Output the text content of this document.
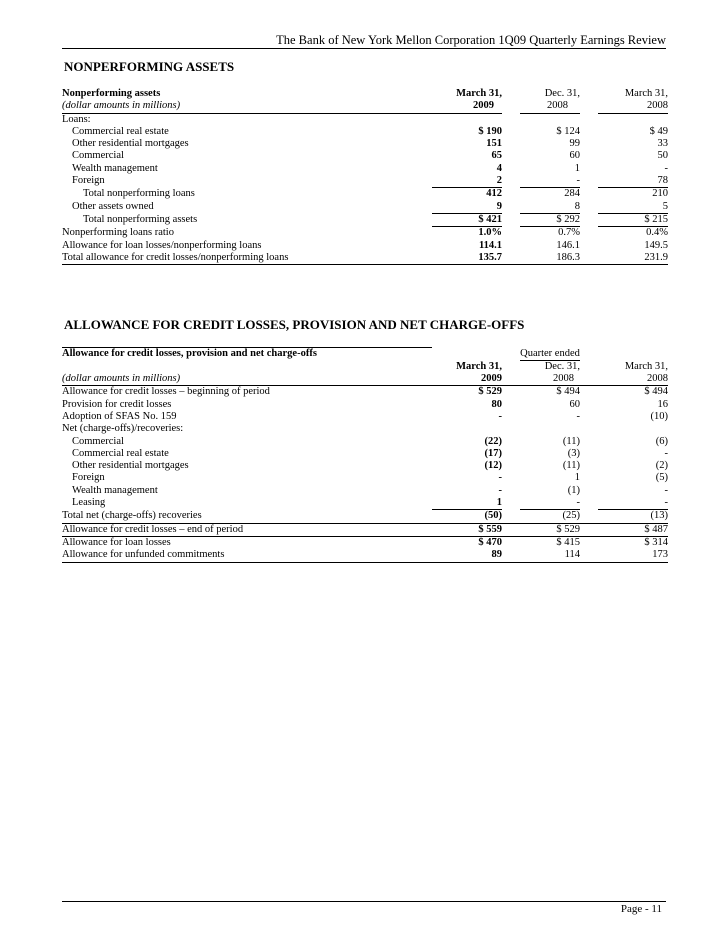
The Bank of New York Mellon Corporation 1Q09 Quarterly Earnings Review
NONPERFORMING ASSETS
Nonperforming assets	March 31,		Dec. 31,		March 31,
(dollar amounts in millions)	2009		2008		2008
Loans:					
Commercial real estate	$ 190		$ 124		$ 49
Other residential mortgages	151		99		33
Commercial	65		60		50
Wealth management	4		1		-
Foreign	2		-		78
Total nonperforming loans	412		284		210
Other assets owned	9		8		5
Total nonperforming assets	$ 421		$ 292		$ 215
Nonperforming loans ratio	1.0%		0.7%		0.4%
Allowance for loan losses/nonperforming loans	114.1		146.1		149.5
Total allowance for credit losses/nonperforming loans	135.7		186.3		231.9
ALLOWANCE FOR CREDIT LOSSES, PROVISION AND NET CHARGE-OFFS
Allowance for credit losses, provision and net charge-offs			Quarter ended		
	March 31,		Dec. 31,		March 31,
(dollar amounts in millions)	2009		2008		2008
Allowance for credit losses – beginning of period	$ 529		$ 494		$ 494
Provision for credit losses	80		60		16
Adoption of SFAS No. 159	-		-		(10)
Net (charge-offs)/recoveries:					
Commercial	(22)		(11)		(6)
Commercial real estate	(17)		(3)		-
Other residential mortgages	(12)		(11)		(2)
Foreign	-		1		(5)
Wealth management	-		(1)		-
Leasing	1		-		-
Total net (charge-offs) recoveries	(50)		(25)		(13)
Allowance for credit losses – end of period	$ 559		$ 529		$ 487
Allowance for loan losses	$ 470		$ 415		$ 314
Allowance for unfunded commitments	89		114		173
Page - 11
